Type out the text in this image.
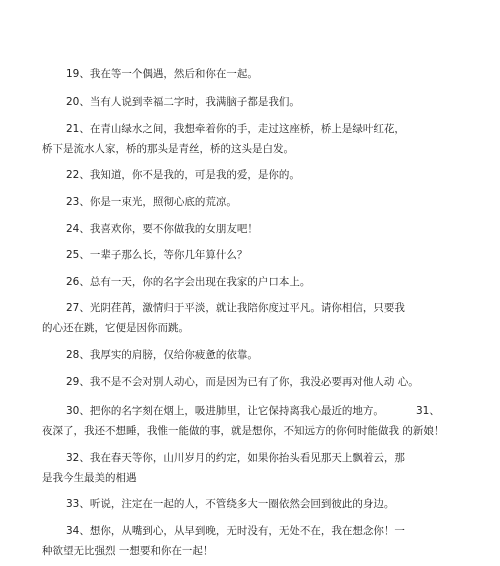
19、我在等一个偶遇，然后和你在一起。

20、当有人说到幸福二字时，我满脑子都是我们。

21、在青山绿水之间，我想牵着你的手，走过这座桥，桥上是绿叶红花，
桥下是流水人家，桥的那头是青丝，桥的这头是白发。

22、我知道，你不是我的，可是我的爱，是你的。

23、你是一束光，照彻心底的荒凉。

24、我喜欢你，要不你做我的女朋友吧！

25、一辈子那么长，等你几年算什么？

26、总有一天，你的名字会出现在我家的户口本上。

27、光阴荏苒，激情归于平淡，就让我陪你度过平凡。请你相信，只要我
的心还在跳，它便是因你而跳。

28、我厚实的肩膀，仅给你疲惫的依靠。

29、我不是不会对别人动心，而是因为已有了你，我没必要再对他人动 心。

30、把你的名字刻在烟上，吸进肺里，让它保持离我心最近的地方。
夜深了，我还不想睡，我惟一能做的事，就是想你，不知远方的你何时能做我 的新娘！

31、

32、我在春天等你，山川岁月的约定，如果你抬头看见那天上飘着云，那
是我今生最美的相遇

33、听说，注定在一起的人，不管绕多大一圈依然会回到彼此的身边。

34、想你，从嘴到心，从早到晚，无时没有，无处不在，我在想念你！一
种欲望无比强烈 一想要和你在一起！
